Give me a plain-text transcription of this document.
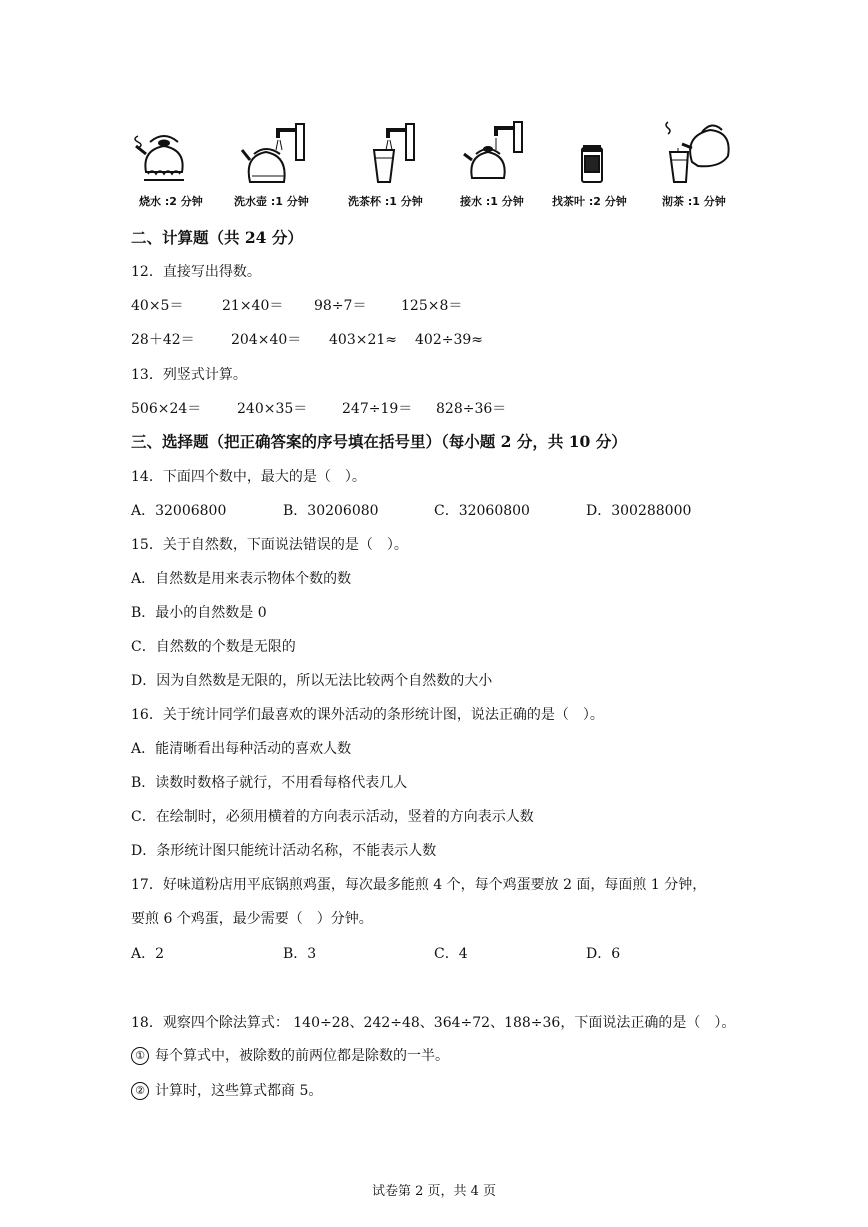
烧水 :2 分钟	洗水壶 :1 分钟	洗茶杯 :1 分钟	接水 :1 分钟	找茶叶 :2 分钟	沏茶 :1 分钟
二、计算题（共 24 分）
12．直接写出得数。
40×5＝	21×40＝ 98÷7＝ 125×8＝
28＋42＝	204×40＝ 403×21≈ 402÷39≈
13．列竖式计算。
506×24＝	240×35＝ 247÷19＝ 828÷36＝
三、选择题（把正确答案的序号填在括号里）（每小题 2 分，共 10 分）
14．下面四个数中，最大的是（　）。
A．32006800	B．30206080	C．32060800	D．300288000
15．关于自然数，下面说法错误的是（　）。
A．自然数是用来表示物体个数的数
B．最小的自然数是 0
C．自然数的个数是无限的
D．因为自然数是无限的，所以无法比较两个自然数的大小
16．关于统计同学们最喜欢的课外活动的条形统计图，说法正确的是（　）。
A．能清晰看出每种活动的喜欢人数
B．读数时数格子就行，不用看每格代表几人
C．在绘制时，必须用横着的方向表示活动，竖着的方向表示人数
D．条形统计图只能统计活动名称，不能表示人数
17．好味道粉店用平底锅煎鸡蛋，每次最多能煎 4 个，每个鸡蛋要放 2 面，每面煎 1 分钟，
要煎 6 个鸡蛋，最少需要（　）分钟。
A．2	B．3	C．4	D．6
18．观察四个除法算式： 140÷28、242÷48、364÷72、188÷36，下面说法正确的是（　）。
① 每个算式中，被除数的前两位都是除数的一半。
② 计算时，这些算式都商 5。
试卷第 2 页，共 4 页
